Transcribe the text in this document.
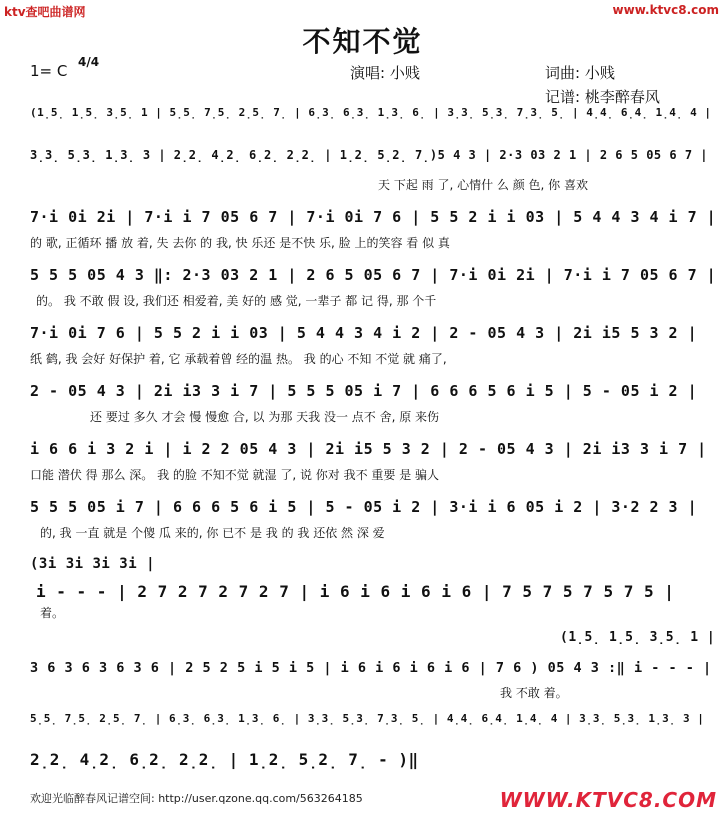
ktv查吧曲谱网	www.ktvc8.com
不知不觉
1= C 4/4
演唱: 小贱	词曲: 小贱
记谱: 桃李醉春风
(1̣5̣ 1̣5̣ 3̣5̣ 1 | 5̣5̣ 7̣5̣ 2̣5̣ 7̣ | 6̣3̣ 6̣3̣ 1̣3̣ 6̣ | 3̣3̣ 5̣3̣ 7̣3̣ 5̣ | 4̣4̣ 6̣4̣ 1̣4̣ 4 |
3̣3̣ 5̣3̣ 1̣3̣ 3 | 2̣2̣ 4̣2̣ 6̣2̣ 2̣2̣ | 1̣2̣ 5̣2̣ 7̣)5 4 3 | 2·3 03 2 1 | 2 6 5 05 6 7 |
天 下起 雨 了, 心情什 么 颜 色, 你 喜欢
7·i 0i 2i | 7·i i 7 05 6 7 | 7·i 0i 7 6 | 5 5 2 i i 03 | 5 4 4 3 4 i 7 |
的 歌, 正循环 播 放 着, 失 去你 的 我, 快 乐还 是不快 乐, 脸 上的笑容 看 似 真
5 5 5 05 4 3 ‖: 2·3 03 2 1 | 2 6 5 05 6 7 | 7·i 0i 2i | 7·i i 7 05 6 7 |
的。 我 不敢 假 设, 我们还 相爱着, 美 好的 感 觉, 一辈子 都 记 得, 那 个千
7·i 0i 7 6 | 5 5 2 i i 03 | 5 4 4 3 4 i 2 | 2 - 05 4 3 | 2i i5 5 3 2 |
纸 鹤, 我 会好 好保护 着, 它 承载着曾 经的温 热。 我 的心 不知 不觉 就 痛了,
2 - 05 4 3 | 2i i3 3 i 7 | 5 5 5 05 i 7 | 6 6 6 5 6 i 5 | 5 - 05 i 2 |
还 要过 多久 才会 慢 慢愈 合, 以 为那 天我 没一 点不 舍, 原 来伤
i 6 6 i 3 2 i | i 2 2 05 4 3 | 2i i5 5 3 2 | 2 - 05 4 3 | 2i i3 3 i 7 |
口能 潜伏 得 那么 深。 我 的脸 不知不觉 就湿 了, 说 你对 我不 重要 是 骗人
5 5 5 05 i 7 | 6 6 6 5 6 i 5 | 5 - 05 i 2 | 3·i i 6 05 i 2 | 3·2 2 3 |
的, 我 一直 就是 个傻 瓜 来的, 你 已不 是 我 的 我 还依 然 深 爱
(3i 3i 3i 3i |
i - - - | 2 7 2 7 2 7 2 7 | i 6 i 6 i 6 i 6 | 7 5 7 5 7 5 7 5 |
着。
(1̣5̣ 1̣5̣ 3̣5̣ 1 |
3 6 3 6 3 6 3 6 | 2 5 2 5 i 5 i 5 | i 6 i 6 i 6 i 6 | 7 6 ) 05 4 3 :‖ i - - - |
我 不敢 着。
5̣5̣ 7̣5̣ 2̣5̣ 7̣ | 6̣3̣ 6̣3̣ 1̣3̣ 6̣ | 3̣3̣ 5̣3̣ 7̣3̣ 5̣ | 4̣4̣ 6̣4̣ 1̣4̣ 4 | 3̣3̣ 5̣3̣ 1̣3̣ 3 |
2̣2̣ 4̣2̣ 6̣2̣ 2̣2̣ | 1̣2̣ 5̣2̣ 7̣ - )‖
欢迎光临醉春风记谱空间: http://user.qzone.qq.com/563264185	WWW.KTVC8.COM
